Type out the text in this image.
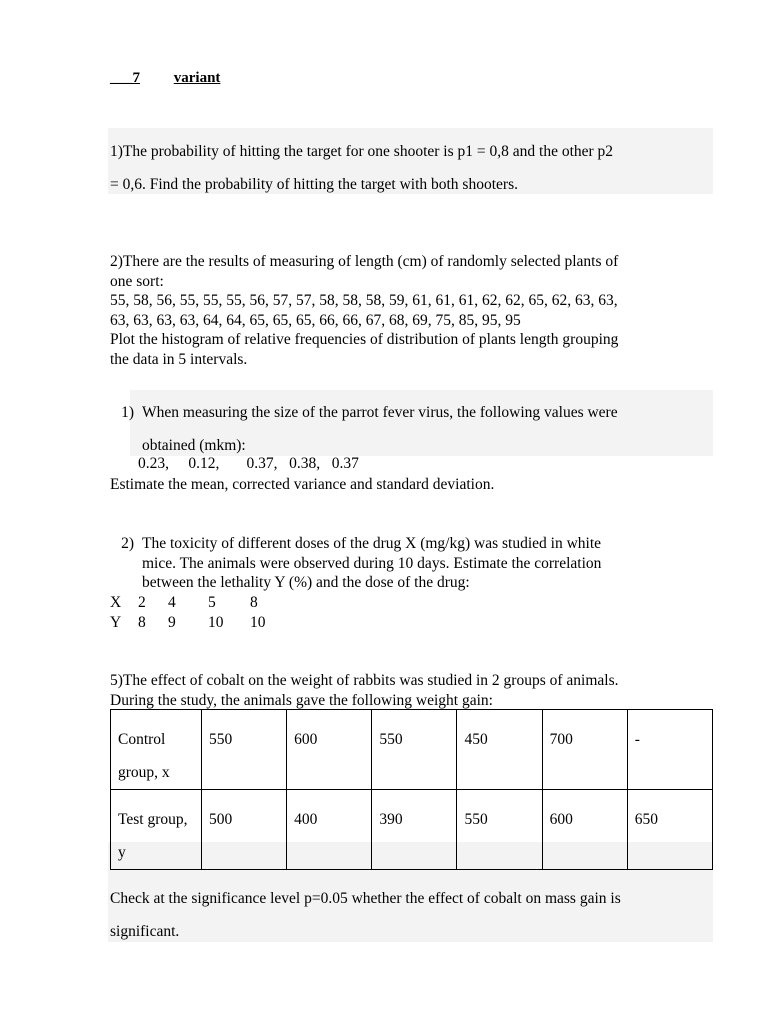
___7 variant
1)The probability of hitting the target for one shooter is p1 = 0,8 and the other p2
= 0,6. Find the probability of hitting the target with both shooters.
2)There are the results of measuring of length (cm) of randomly selected plants of
one sort:
55, 58, 56, 55, 55, 55, 56, 57, 57, 58, 58, 58, 59, 61, 61, 61, 62, 62, 65, 62, 63, 63,
63, 63, 63, 63, 64, 64, 65, 65, 65, 66, 66, 67, 68, 69, 75, 85, 95, 95
Plot the histogram of relative frequencies of distribution of plants length grouping
the data in 5 intervals.
1) When measuring the size of the parrot fever virus, the following values were
obtained (mkm):
0.23, 0.12, 0.37, 0.38, 0.37
Estimate the mean, corrected variance and standard deviation.
2) The toxicity of different doses of the drug X (mg/kg) was studied in white
mice. The animals were observed during 10 days. Estimate the correlation
between the lethality Y (%) and the dose of the drug:
X 2 4 5 8
Y 8 9 10 10
5)The effect of cobalt on the weight of rabbits was studied in 2 groups of animals.
During the study, the animals gave the following weight gain:
Control group, x	550	600	550	450	700	-
Test group, y	500	400	390	550	600	650
Check at the significance level p=0.05 whether the effect of cobalt on mass gain is
significant.
